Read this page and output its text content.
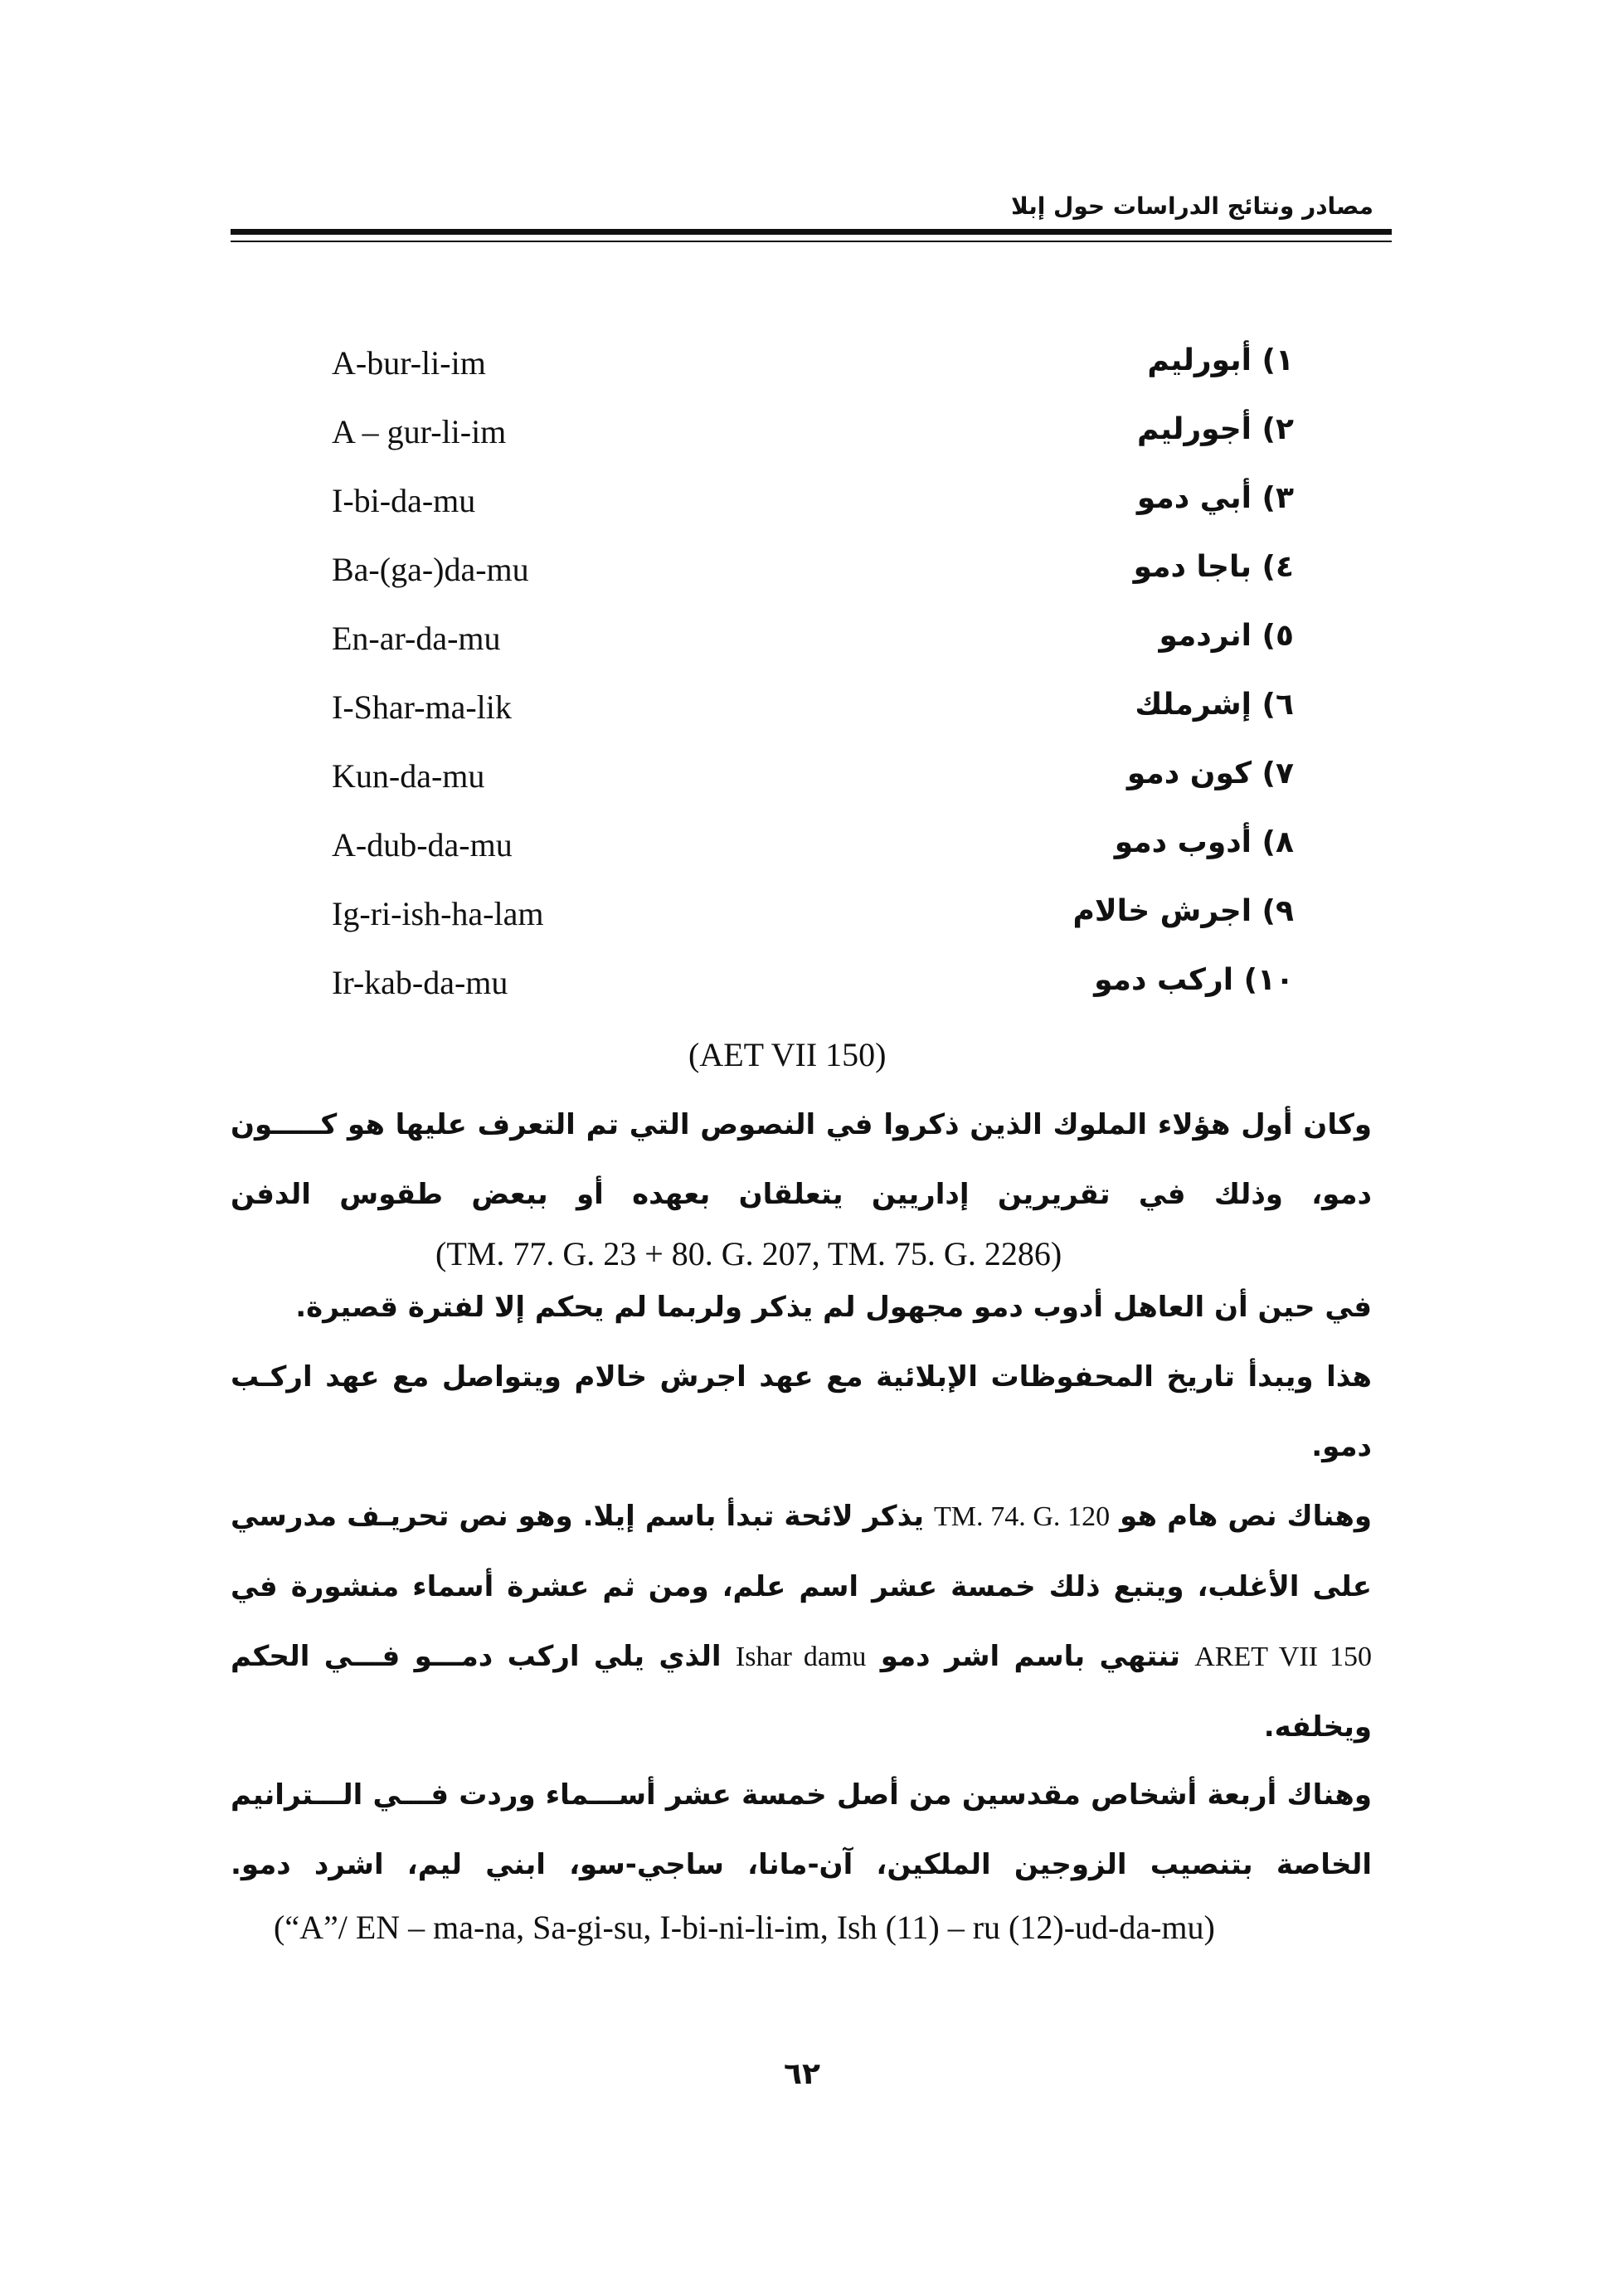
مصادر ونتائج الدراسات حول إبلا
A-bur-li-im	١) أبورليم
A – gur-li-im	٢) أجورليم
I-bi-da-mu	٣) أبي دمو
Ba-(ga-)da-mu	٤) باجا دمو
En-ar-da-mu	٥) انردمو
I-Shar-ma-lik	٦) إشرملك
Kun-da-mu	٧) كون دمو
A-dub-da-mu	٨) أدوب دمو
Ig-ri-ish-ha-lam	٩) اجرش خالام
Ir-kab-da-mu	١٠) اركب دمو
(AET VII 150)

وكان أول هؤلاء الملوك الذين ذكروا في النصوص التي تم التعرف عليها هو كـــــون دمو، وذلك في تقريرين إداريين يتعلقان بعهده أو ببعض طقوس الدفن

(TM. 77. G. 23 + 80. G. 207, TM. 75. G. 2286)

في حين أن العاهل أدوب دمو مجهول لم يذكر ولربما لم يحكم إلا لفترة قصيرة.

هذا ويبدأ تاريخ المحفوظات الإبلائية مع عهد اجرش خالام ويتواصل مع عهد اركـب دمو.

وهناك نص هام هو TM. 74. G. 120 يذكر لائحة تبدأ باسم إيلا. وهو نص تحريـف مدرسي على الأغلب، ويتبع ذلك خمسة عشر اسم علم، ومن ثم عشرة أسماء منشورة في ARET VII 150 تنتهي باسم اشر دمو Ishar damu الذي يلي اركب دمـــو فـــي الحكم ويخلفه.

وهناك أربعة أشخاص مقدسين من أصل خمسة عشر أســـماء وردت فـــي الـــترانيم الخاصة بتنصيب الزوجين الملكين، آن-مانا، ساجي-سو، ابني ليم، اشرد دمو.

(“A”/ EN – ma-na, Sa-gi-su, I-bi-ni-li-im, Ish (11) – ru (12)-ud-da-mu)
٦٢
